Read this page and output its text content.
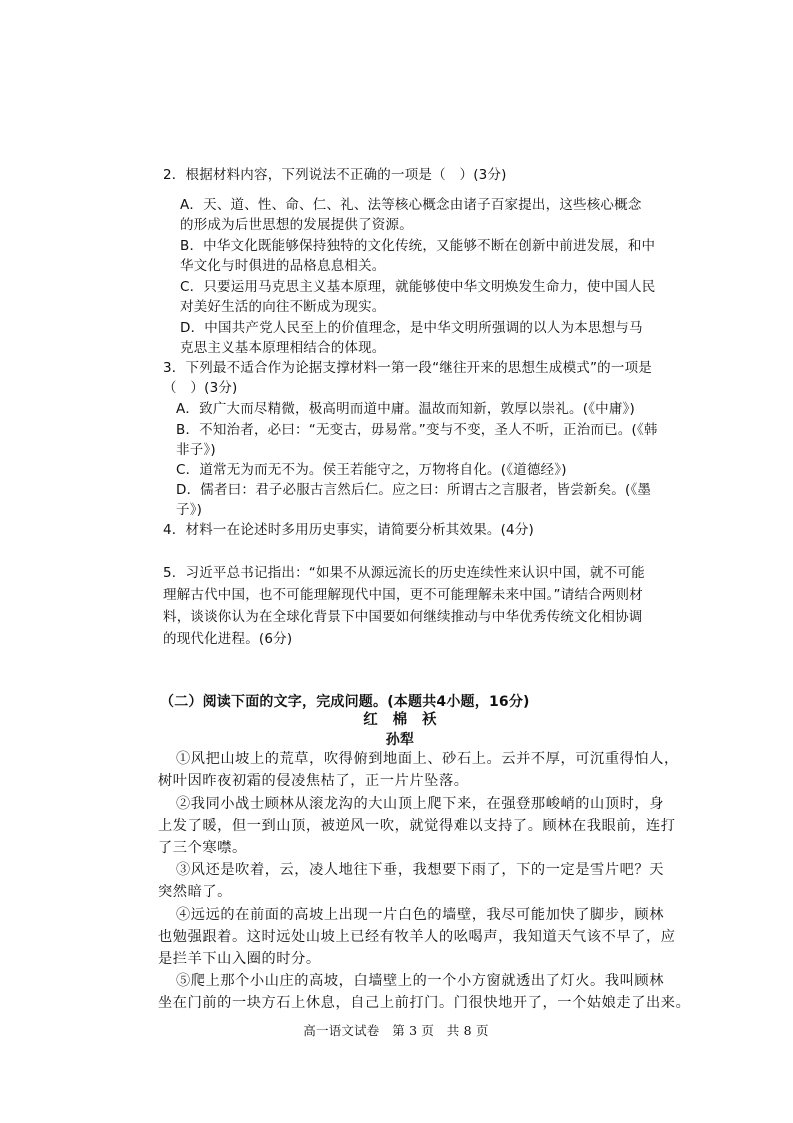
2．根据材料内容，下列说法不正确的一项是（　）(3分)
A．天、道、性、命、仁、礼、法等核心概念由诸子百家提出，这些核心概念
的形成为后世思想的发展提供了资源。
B．中华文化既能够保持独特的文化传统，又能够不断在创新中前进发展，和中
华文化与时俱进的品格息息相关。
C．只要运用马克思主义基本原理，就能够使中华文明焕发生命力，使中国人民
对美好生活的向往不断成为现实。
D．中国共产党人民至上的价值理念，是中华文明所强调的以人为本思想与马
克思主义基本原理相结合的体现。
3．下列最不适合作为论据支撑材料一第一段“继往开来的思想生成模式”的一项是
（　）(3分)
A．致广大而尽精微，极高明而道中庸。温故而知新，敦厚以崇礼。(《中庸》)
B．不知治者，必曰：“无变古，毋易常。”变与不变，圣人不听，正治而已。(《韩
非子》)
C．道常无为而无不为。侯王若能守之，万物将自化。(《道德经》)
D．儒者曰：君子必服古言然后仁。应之曰：所谓古之言服者，皆尝新矣。(《墨
子》)
4．材料一在论述时多用历史事实，请简要分析其效果。(4分)
5．习近平总书记指出：“如果不从源远流长的历史连续性来认识中国，就不可能
理解古代中国，也不可能理解现代中国，更不可能理解未来中国。”请结合两则材
料，谈谈你认为在全球化背景下中国要如何继续推动与中华优秀传统文化相协调
的现代化进程。(6分)
（二）阅读下面的文字，完成问题。(本题共4小题，16分)
红　棉　袄
孙犁
①风把山坡上的荒草，吹得俯到地面上、砂石上。云并不厚，可沉重得怕人，
树叶因昨夜初霜的侵凌焦枯了，正一片片坠落。
②我同小战士顾林从滚龙沟的大山顶上爬下来，在强登那峻峭的山顶时，身
上发了暖，但一到山顶，被逆风一吹，就觉得难以支持了。顾林在我眼前，连打
了三个寒噤。
③风还是吹着，云，凌人地往下垂，我想要下雨了，下的一定是雪片吧？天
突然暗了。
④远远的在前面的高坡上出现一片白色的墙壁，我尽可能加快了脚步，顾林
也勉强跟着。这时远处山坡上已经有牧羊人的吆喝声，我知道天气该不早了，应
是拦羊下山入圈的时分。
⑤爬上那个小山庄的高坡，白墙壁上的一个小方窗就透出了灯火。我叫顾林
坐在门前的一块方石上休息，自己上前打门。门很快地开了，一个姑娘走了出来。
高一语文试卷　第 3 页　共 8 页
